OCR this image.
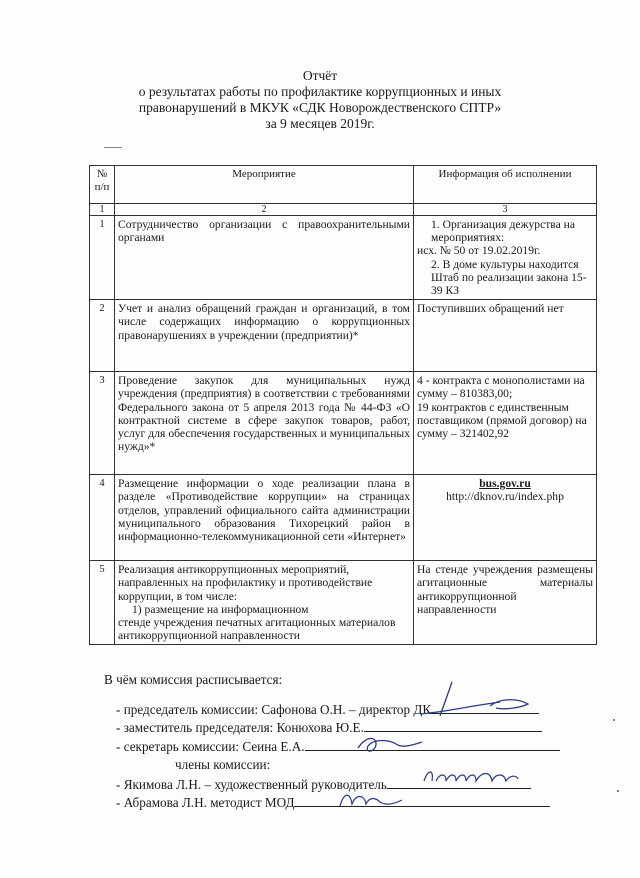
Отчёт
о результатах работы по профилактике коррупционных и иных
правонарушений в МКУК «СДК Новорождественского СПТР»
за 9 месяцев 2019г.
№ п/п	Мероприятие	Информация об исполнении
1	2	3
1	Сотрудничество организации с правоохранительными органами	1. Организация дежурства на мероприятиях:
исх. № 50 от 19.02.2019г.
2. В доме культуры находится Штаб по реализации закона 15-39 КЗ

2	Учет и анализ обращений граждан и организаций, в том числе содержащих информацию о коррупционных правонарушениях в учреждении (предприятии)*	Поступивших обращений нет

3	Проведение закупок для муниципальных нужд учреждения (предприятия) в соответствии с требованиями Федерального закона от 5 апреля 2013 года № 44-ФЗ «О контрактной системе в сфере закупок товаров, работ, услуг для обеспечения государственных и муниципальных нужд»*	4 - контракта с монополистами на сумму – 810383,00;
19 контрактов с единственным поставщиком (прямой договор) на сумму – 321402,92

4	Размещение информации о ходе реализации плана в разделе «Противодействие коррупции» на страницах отделов, управлений официального сайта администрации муниципального образования Тихорецкий район в информационно-телекоммуникационной сети «Интернет»	bus.gov.ru
http://dknov.ru/index.php

5	Реализация антикоррупционных мероприятий, направленных на профилактику и противодействие коррупции, в том числе:
1) размещение на информационном
стенде учреждения печатных агитационных материалов антикоррупционной направленности	На стенде учреждения размещены агитационные материалы антикоррупционной направленности
В чём комиссия расписывается:
- председатель комиссии: Сафонова О.Н. – директор ДК
- заместитель председателя: Конюхова Ю.Е.
- секретарь комиссии: Сеина Е.А.
члены комиссии:
- Якимова Л.Н. – художественный руководитель
- Абрамова Л.Н. методист МОД
